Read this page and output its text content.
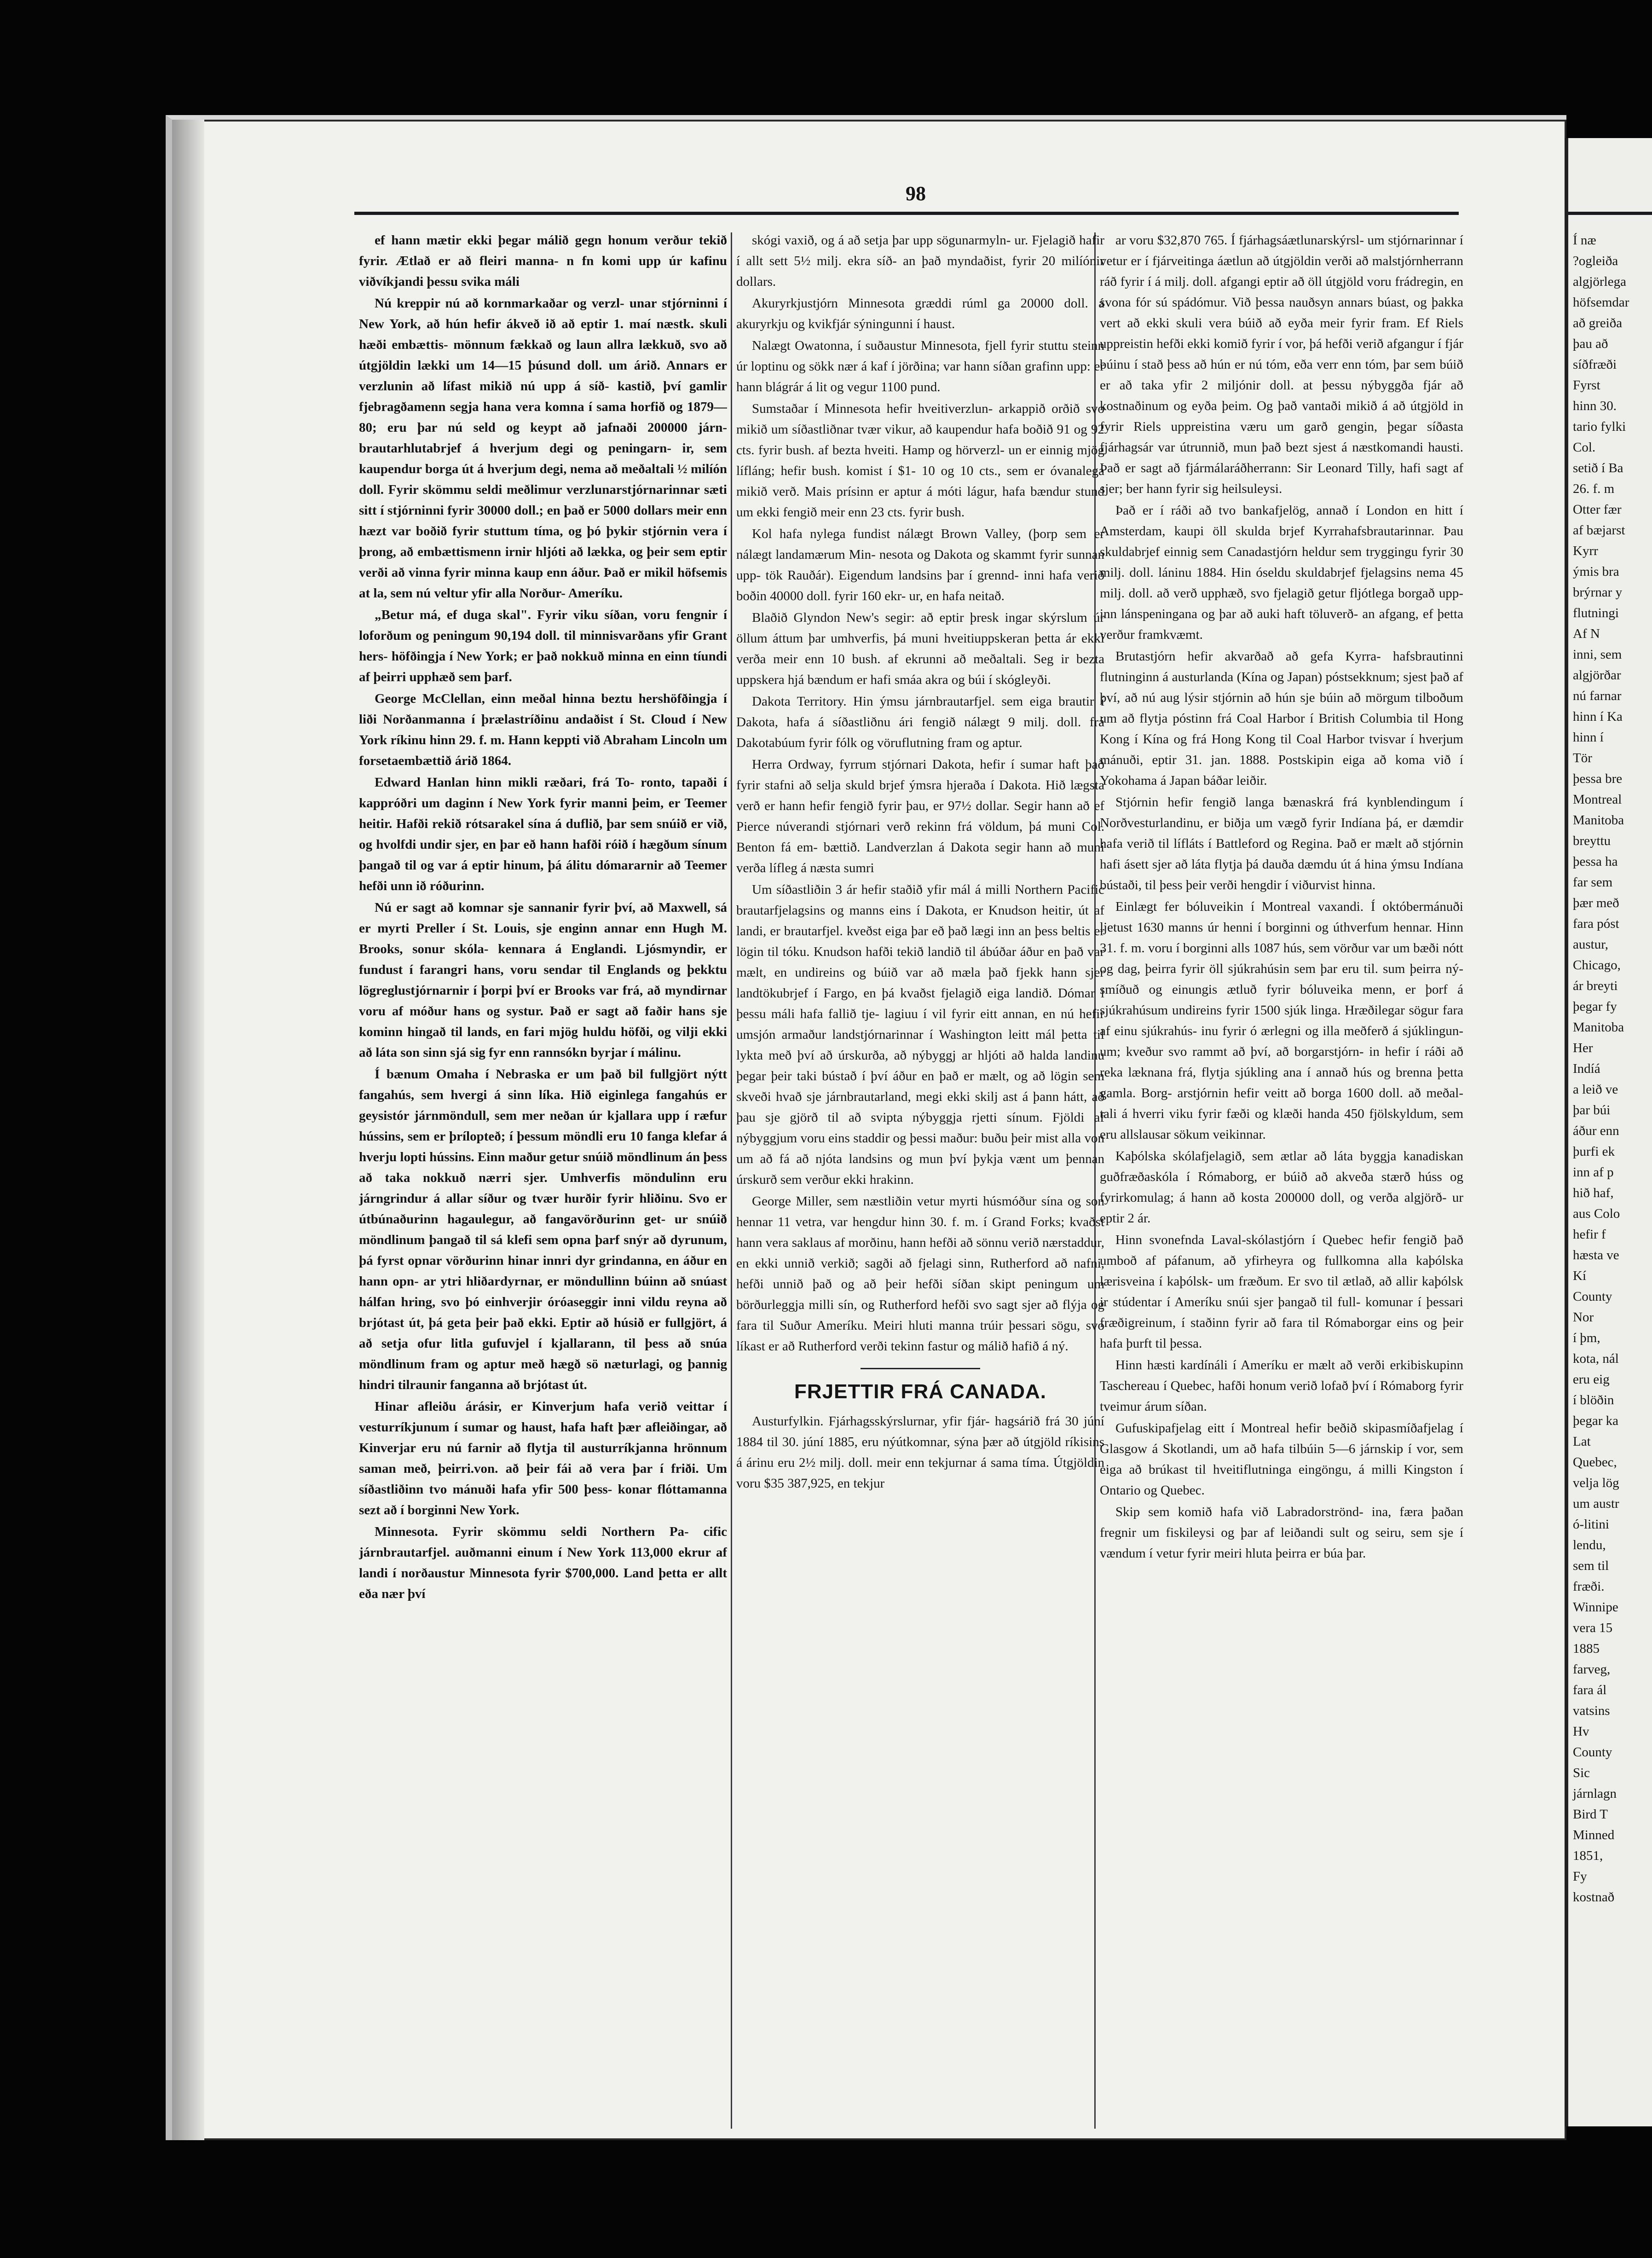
98

ef hann mætir ekki þegar málið gegn honum verður tekið fyrir. Ætlað er að fleiri manna- n fn komi upp úr kafinu viðvíkjandi þessu svika máli

Nú kreppir nú að kornmarkaðar og verzl- unar stjórninni í New York, að hún hefir ákveð ið að eptir 1. maí næstk. skuli hæði embættis- mönnum fækkað og laun allra lækkuð, svo að útgjöldin lækki um 14—15 þúsund doll. um árið. Annars er verzlunin að lífast mikið nú upp á síð- kastið, því gamlir fjebragðamenn segja hana vera komna í sama horfið og 1879—80; eru þar nú seld og keypt að jafnaði 200000 járn- brautarhlutabrjef á hverjum degi og peningarn- ir, sem kaupendur borga út á hverjum degi, nema að meðaltali ½ milíón doll. Fyrir skömmu seldi meðlimur verzlunarstjórnarinnar sæti sitt í stjórninni fyrir 30000 doll.; en það er 5000 dollars meir enn hæzt var boðið fyrir stuttum tíma, og þó þykir stjórnin vera í þrong, að embættismenn irnir hljóti að lækka, og þeir sem eptir verði að vinna fyrir minna kaup enn áður. Það er mikil höfsemis at la, sem nú veltur yfir alla Norður- Ameríku.

„Betur má, ef duga skal". Fyrir viku síðan, voru fengnir í loforðum og peningum 90,194 doll. til minnisvarðans yfir Grant hers- höfðingja í New York; er það nokkuð minna en einn tíundi af þeirri upphæð sem þarf.

George McClellan, einn meðal hinna beztu hershöfðingja í liði Norðanmanna í þrælastríðinu andaðist í St. Cloud í New York ríkinu hinn 29. f. m. Hann keppti við Abraham Lincoln um forsetaembættið árið 1864.

Edward Hanlan hinn mikli ræðari, frá To- ronto, tapaði í kappróðri um daginn í New York fyrir manni þeim, er Teemer heitir. Hafði rekið rótsarakel sína á duflið, þar sem snúið er við, og hvolfdi undir sjer, en þar eð hann hafði róið í hægðum sínum þangað til og var á eptir hinum, þá álitu dómararnir að Teemer hefði unn ið róðurinn.

Nú er sagt að komnar sje sannanir fyrir því, að Maxwell, sá er myrti Preller í St. Louis, sje enginn annar enn Hugh M. Brooks, sonur skóla- kennara á Englandi. Ljósmyndir, er fundust í farangri hans, voru sendar til Englands og þekktu lögreglustjórnarnir í þorpi því er Brooks var frá, að myndirnar voru af móður hans og systur. Það er sagt að faðir hans sje kominn hingað til lands, en fari mjög huldu höfði, og vilji ekki að láta son sinn sjá sig fyr enn rannsókn byrjar í málinu.

Í bænum Omaha í Nebraska er um það bil fullgjört nýtt fangahús, sem hvergi á sinn líka. Hið eiginlega fangahús er geysistór járnmöndull, sem mer neðan úr kjallara upp í ræfur hússins, sem er þrílopteð; í þessum möndli eru 10 fanga klefar á hverju lopti hússins. Einn maður getur snúið möndlinum án þess að taka nokkuð nærri sjer. Umhverfis möndulinn eru járngrindur á allar síður og tvær hurðir fyrir hliðinu. Svo er útbúnaðurinn hagaulegur, að fangavörðurinn get- ur snúið möndlinum þangað til sá klefi sem opna þarf snýr að dyrunum, þá fyrst opnar vörðurinn hinar innri dyr grindanna, en áður en hann opn- ar ytri hliðardyrnar, er möndullinn búinn að snúast hálfan hring, svo þó einhverjir óróaseggir inni vildu reyna að brjótast út, þá geta þeir það ekki. Eptir að húsið er fullgjört, á að setja ofur litla gufuvjel í kjallarann, til þess að snúa möndlinum fram og aptur með hægð sö næturlagi, og þannig hindri tilraunir fanganna að brjótast út.

Hinar afleiðu árásir, er Kinverjum hafa verið veittar í vesturríkjunum í sumar og haust, hafa haft þær afleiðingar, að Kinverjar eru nú farnir að flytja til austurríkjanna hrönnum saman með, þeirri.von. að þeir fái að vera þar í friði. Um síðastliðinn tvo mánuði hafa yfir 500 þess- konar flóttamanna sezt að í borginni New York.

Minnesota. Fyrir skömmu seldi Northern Pa- cific járnbrautarfjel. auðmanni einum í New York 113,000 ekrur af landi í norðaustur Minnesota fyrir $700,000. Land þetta er allt eða nær því

skógi vaxið, og á að setja þar upp sögunarmyln- ur. Fjelagið hafir í allt sett 5½ milj. ekra síð- an það myndaðist, fyrir 20 milíónir dollars.

Akuryrkjustjórn Minnesota græddi rúml ga 20000 doll. á akuryrkju og kvikfjár sýningunni í haust.

Nalægt Owatonna, í suðaustur Minnesota, fjell fyrir stuttu steinn úr loptinu og sökk nær á kaf í jörðina; var hann síðan grafinn upp: er hann blágrár á lit og vegur 1100 pund.

Sumstaðar í Minnesota hefir hveitiverzlun- arkappið orðið svo mikið um síðastliðnar tvær vikur, að kaupendur hafa boðið 91 og 92 cts. fyrir bush. af bezta hveiti. Hamp og hörverzl- un er einnig mjög lífláng; hefir bush. komist í $1- 10 og 10 cts., sem er óvanalega mikið verð. Mais prísinn er aptur á móti lágur, hafa bændur stund um ekki fengið meir enn 23 cts. fyrir bush.

Kol hafa nylega fundist nálægt Brown Valley, (þorp sem er nálægt landamærum Min- nesota og Dakota og skammt fyrir sunnan upp- tök Rauðár). Eigendum landsins þar í grennd- inni hafa verið boðin 40000 doll. fyrir 160 ekr- ur, en hafa neitað.

Blaðið Glyndon New's segir: að eptir þresk ingar skýrslum úr öllum áttum þar umhverfis, þá muni hveitiuppskeran þetta ár ekki verða meir enn 10 bush. af ekrunni að meðaltali. Seg ir bezta uppskera hjá bændum er hafi smáa akra og búi í skógleyði.

Dakota Territory. Hin ýmsu járnbrautarfjel. sem eiga brautir í Dakota, hafa á síðastliðnu ári fengið nálægt 9 milj. doll. frá Dakotabúum fyrir fólk og vöruflutning fram og aptur.

Herra Ordway, fyrrum stjórnari Dakota, hefir í sumar haft það fyrir stafni að selja skuld brjef ýmsra hjeraða í Dakota. Hið lægsta verð er hann hefir fengið fyrir þau, er 97½ dollar. Segir hann að ef Pierce núverandi stjórnari verð rekinn frá völdum, þá muni Col. Benton fá em- bættið. Landverzlan á Dakota segir hann að muni verða lífleg á næsta sumri

Um síðastliðin 3 ár hefir staðið yfir mál á milli Northern Pacific brautarfjelagsins og manns eins í Dakota, er Knudson heitir, út af landi, er brautarfjel. kveðst eiga þar eð það lægi inn an þess beltis er lögin til tóku. Knudson hafði tekið landið til ábúðar áður en það var mælt, en undireins og búið var að mæla það fjekk hann sjer landtökubrjef í Fargo, en þá kvaðst fjelagið eiga landið. Dómar í þessu máli hafa fallið tje- lagiuu í vil fyrir eitt annan, en nú hefir umsjón armaður landstjórnarinnar í Washington leitt mál þetta til lykta með því að úrskurða, að nýbyggj ar hljóti að halda landinu þegar þeir taki bústað í því áður en það er mælt, og að lögin sem skveði hvað sje járnbrautarland, megi ekki skilj ast á þann hátt, að þau sje gjörð til að svipta nýbyggja rjetti sínum. Fjöldi af nýbyggjum voru eins staddir og þessi maður: buðu þeir mist alla von um að fá að njóta landsins og mun því þykja vænt um þennan úrskurð sem verður ekki hrakinn.

George Miller, sem næstliðin vetur myrti húsmóður sína og son hennar 11 vetra, var hengdur hinn 30. f. m. í Grand Forks; kvaðst hann vera saklaus af morðinu, hann hefði að sönnu verið nærstaddur, en ekki unnið verkið; sagði að fjelagi sinn, Rutherford að nafni, hefði unnið það og að þeir hefði síðan skipt peningum um börðurleggja milli sín, og Rutherford hefði svo sagt sjer að flýja og fara til Suður Ameríku. Meiri hluti manna trúir þessari sögu, svo líkast er að Rutherford verði tekinn fastur og málið hafið á ný.

FRJETTIR FRÁ CANADA.

Austurfylkin. Fjárhagsskýrslurnar, yfir fjár- hagsárið frá 30 júní 1884 til 30. júní 1885, eru nýútkomnar, sýna þær að útgjöld ríkisins á árinu eru 2½ milj. doll. meir enn tekjurnar á sama tíma. Útgjöldin voru $35 387,925, en tekjur

ar voru $32,870 765. Í fjárhagsáætlunarskýrsl- um stjórnarinnar í vetur er í fjárveitinga áætlun að útgjöldin verði að malstjórnherrann ráð fyrir í á milj. doll. afgangi eptir að öll útgjöld voru frádregin, en svona fór sú spádómur. Við þessa nauðsyn annars búast, og þakka vert að ekki skuli vera búið að eyða meir fyrir fram. Ef Riels uppreistin hefði ekki komið fyrir í vor, þá hefði verið afgangur í fjár búinu í stað þess að hún er nú tóm, eða verr enn tóm, þar sem búið er að taka yfir 2 miljónir doll. at þessu nýbyggða fjár að kostnaðinum og eyða þeim. Og það vantaði mikið á að útgjöld in fyrir Riels uppreistina væru um garð gengin, þegar síðasta fjárhagsár var útrunnið, mun það bezt sjest á næstkomandi hausti. Það er sagt að fjármálaráðherrann: Sir Leonard Tilly, hafi sagt af sjer; ber hann fyrir sig heilsuleysi.

Það er í ráði að tvo bankafjelög, annað í London en hitt í Amsterdam, kaupi öll skulda brjef Kyrrahafsbrautarinnar. Þau skuldabrjef einnig sem Canadastjórn heldur sem tryggingu fyrir 30 milj. doll. láninu 1884. Hin óseldu skuldabrjef fjelagsins nema 45 milj. doll. að verð upphæð, svo fjelagið getur fljótlega borgað upp- inn lánspeningana og þar að auki haft töluverð- an afgang, ef þetta verður framkvæmt.

Brutastjórn hefir akvarðað að gefa Kyrra- hafsbrautinni flutninginn á austurlanda (Kína og Japan) póstsekknum; sjest það af því, að nú aug lýsir stjórnin að hún sje búin að mörgum tilboðum um að flytja póstinn frá Coal Harbor í British Columbia til Hong Kong í Kína og frá Hong Kong til Coal Harbor tvisvar í hverjum mánuði, eptir 31. jan. 1888. Postskipin eiga að koma við í Yokohama á Japan báðar leiðir.

Stjórnin hefir fengið langa bænaskrá frá kynblendingum í Norðvesturlandinu, er biðja um vægð fyrir Indíana þá, er dæmdir hafa verið til lífláts í Battleford og Regina. Það er mælt að stjórnin hafi ásett sjer að láta flytja þá dauða dæmdu út á hina ýmsu Indíana bústaði, til þess þeir verði hengdir í viðurvist hinna.

Einlægt fer bóluveikin í Montreal vaxandi. Í októbermánuði ljetust 1630 manns úr henni í borginni og úthverfum hennar. Hinn 31. f. m. voru í borginni alls 1087 hús, sem vörður var um bæði nótt og dag, þeirra fyrir öll sjúkrahúsin sem þar eru til. sum þeirra ný- smíðuð og einungis ætluð fyrir bóluveika menn, er þorf á sjúkrahúsum undireins fyrir 1500 sjúk linga. Hræðilegar sögur fara af einu sjúkrahús- inu fyrir ó ærlegni og illa meðferð á sjúklingun- um; kveður svo rammt að því, að borgarstjórn- in hefir í ráði að reka læknana frá, flytja sjúkling ana í annað hús og brenna þetta gamla. Borg- arstjórnin hefir veitt að borga 1600 doll. að meðal- tali á hverri viku fyrir fæði og klæði handa 450 fjölskyldum, sem eru allslausar sökum veikinnar.

Kaþólska skólafjelagið, sem ætlar að láta byggja kanadiskan guðfræðaskóla í Rómaborg, er búið að akveða stærð húss og fyrirkomulag; á hann að kosta 200000 doll, og verða algjörð- ur eptir 2 ár.

Hinn svonefnda Laval-skólastjórn í Quebec hefir fengið það umboð af páfanum, að yfirheyra og fullkomna alla kaþólska lærisveina í kaþólsk- um fræðum. Er svo til ætlað, að allir kaþólsk ir stúdentar í Ameríku snúi sjer þangað til full- komunar í þessari fræðigreinum, í staðinn fyrir að fara til Rómaborgar eins og þeir hafa þurft til þessa.

Hinn hæsti kardínáli í Ameríku er mælt að verði erkibiskupinn Taschereau í Quebec, hafði honum verið lofað því í Rómaborg fyrir tveimur árum síðan.

Gufuskipafjelag eitt í Montreal hefir beðið skipasmíðafjelag í Glasgow á Skotlandi, um að hafa tilbúin 5—6 járnskip í vor, sem eiga að brúkast til hveitiflutninga eingöngu, á milli Kingston í Ontario og Quebec.

Skip sem komið hafa við Labradorströnd- ina, færa þaðan fregnir um fiskileysi og þar af leiðandi sult og seiru, sem sje í vændum í vetur fyrir meiri hluta þeirra er búa þar.

Í næ

?ogleiða

algjörlega

höfsemdar

að greiða

þau að

síðfræði

Fyrst

hinn 30.

tario fylki

Col.

setið í Ba

26. f. m

Otter fær

af bæjarst

Kyrr

ýmis bra

brýrnar y

flutningi

Af N

inni, sem

algjörðar

nú farnar

hinn í Ka

hinn í

Tör

þessa bre

Montreal

Manitoba

breyttu

þessa ha

far sem

þær með

fara póst

austur,

Chicago,

ár breyti

þegar fy

Manitoba

Her

Indíá

a leið ve

þar búi

áður enn

þurfi ek

inn af p

hið haf,

aus Colo

hefir f

hæsta ve

Kí

County

Nor

í þm,

kota, nál

eru eig

í blöðin

þegar ka

Lat

Quebec,

velja lög

um austr

ó-litini

lendu,

sem til

fræði.

Winnipe

vera 15

1885

farveg,

fara ál

vatsins

Hv

County

Sic

járnlagn

Bird T

Minned

1851,

Fy

kostnað
